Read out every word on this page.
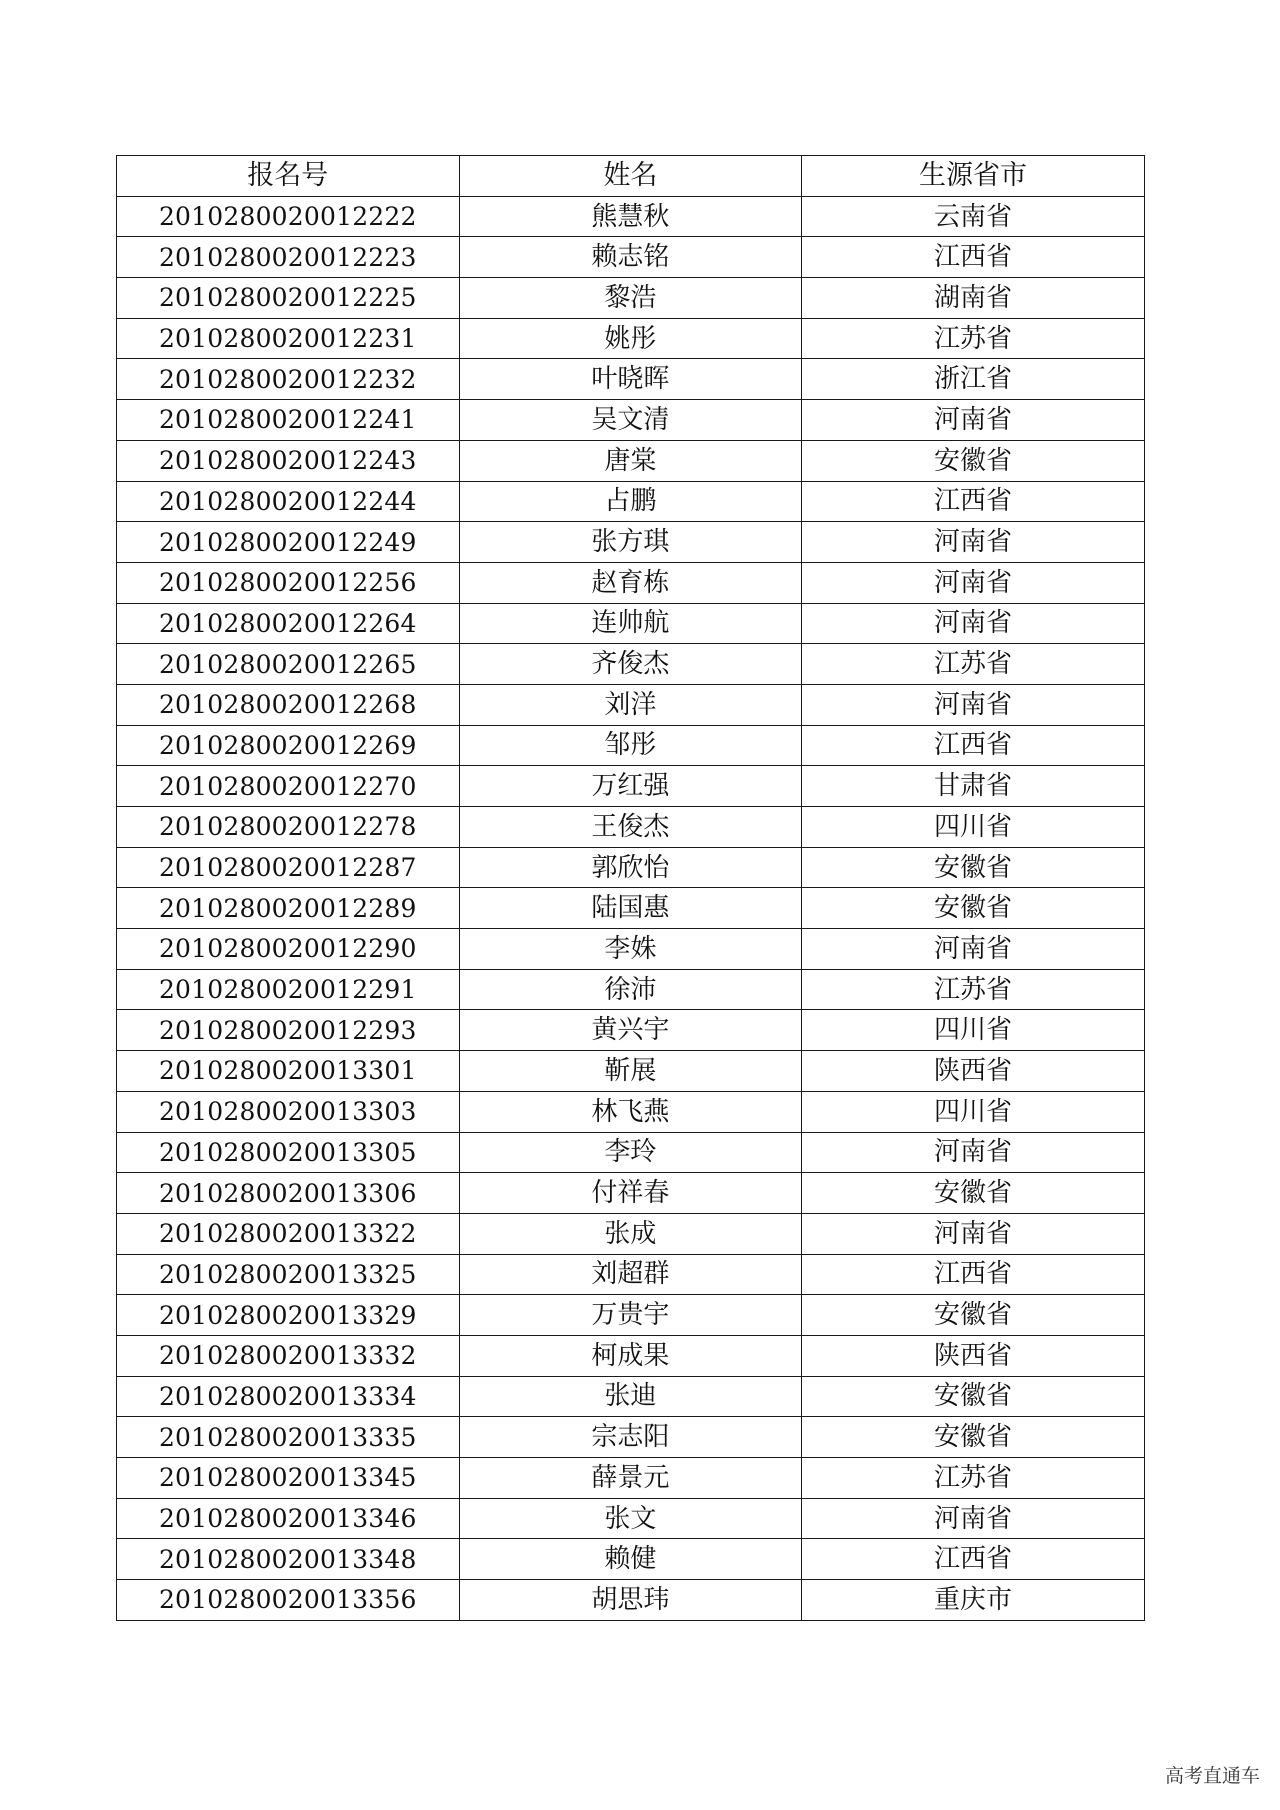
报名号	姓名	生源省市
2010280020012222	熊慧秋	云南省
2010280020012223	赖志铭	江西省
2010280020012225	黎浩	湖南省
2010280020012231	姚彤	江苏省
2010280020012232	叶晓晖	浙江省
2010280020012241	吴文清	河南省
2010280020012243	唐棠	安徽省
2010280020012244	占鹏	江西省
2010280020012249	张方琪	河南省
2010280020012256	赵育栋	河南省
2010280020012264	连帅航	河南省
2010280020012265	齐俊杰	江苏省
2010280020012268	刘洋	河南省
2010280020012269	邹彤	江西省
2010280020012270	万红强	甘肃省
2010280020012278	王俊杰	四川省
2010280020012287	郭欣怡	安徽省
2010280020012289	陆国惠	安徽省
2010280020012290	李姝	河南省
2010280020012291	徐沛	江苏省
2010280020012293	黄兴宇	四川省
2010280020013301	靳展	陕西省
2010280020013303	林飞燕	四川省
2010280020013305	李玲	河南省
2010280020013306	付祥春	安徽省
2010280020013322	张成	河南省
2010280020013325	刘超群	江西省
2010280020013329	万贵宇	安徽省
2010280020013332	柯成果	陕西省
2010280020013334	张迪	安徽省
2010280020013335	宗志阳	安徽省
2010280020013345	薛景元	江苏省
2010280020013346	张文	河南省
2010280020013348	赖健	江西省
2010280020013356	胡思玮	重庆市
高考直通车
